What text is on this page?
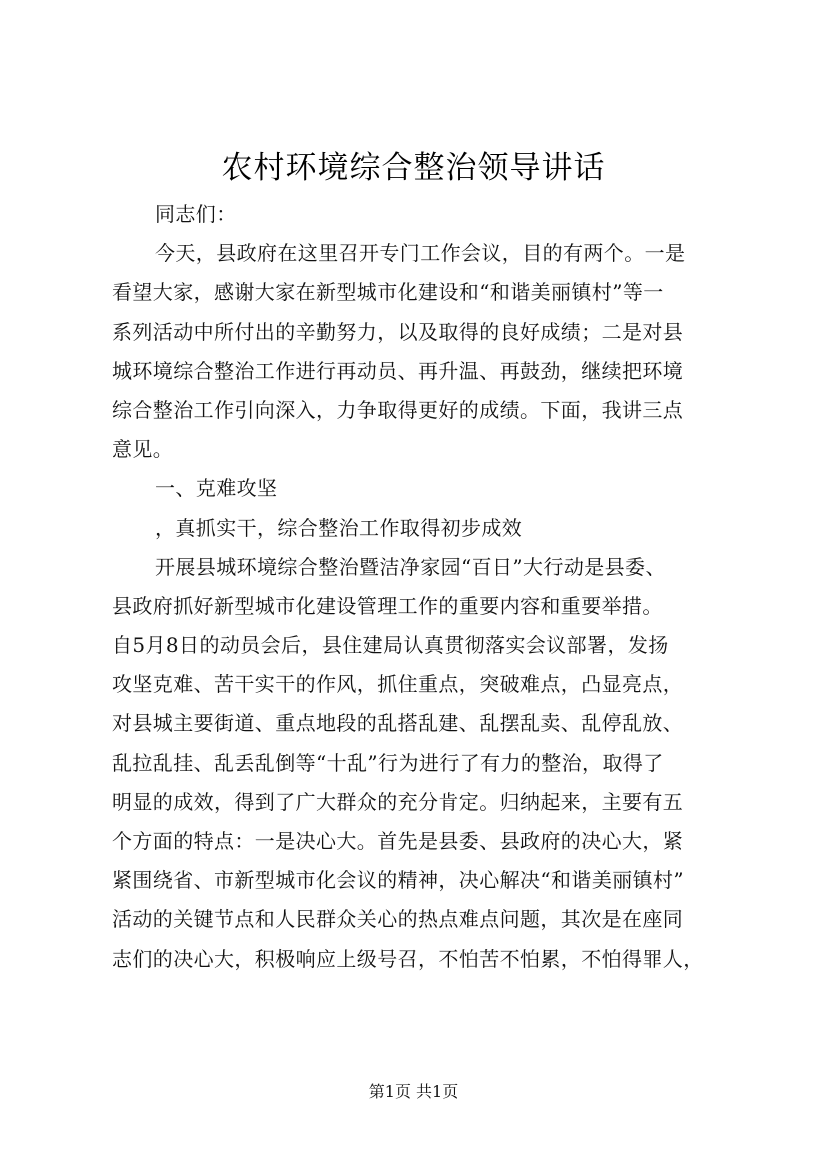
农村环境综合整治领导讲话
同志们：
今天，县政府在这里召开专门工作会议，目的有两个。一是
看望大家，感谢大家在新型城市化建设和“和谐美丽镇村”等一
系列活动中所付出的辛勤努力，以及取得的良好成绩；二是对县
城环境综合整治工作进行再动员、再升温、再鼓劲，继续把环境
综合整治工作引向深入，力争取得更好的成绩。下面，我讲三点
意见。
一、克难攻坚
，真抓实干，综合整治工作取得初步成效
开展县城环境综合整治暨洁净家园“百日”大行动是县委、
县政府抓好新型城市化建设管理工作的重要内容和重要举措。
自5月8日的动员会后，县住建局认真贯彻落实会议部署，发扬
攻坚克难、苦干实干的作风，抓住重点，突破难点，凸显亮点，
对县城主要街道、重点地段的乱搭乱建、乱摆乱卖、乱停乱放、
乱拉乱挂、乱丢乱倒等“十乱”行为进行了有力的整治，取得了
明显的成效，得到了广大群众的充分肯定。归纳起来，主要有五
个方面的特点：一是决心大。首先是县委、县政府的决心大，紧
紧围绕省、市新型城市化会议的精神，决心解决“和谐美丽镇村”
活动的关键节点和人民群众关心的热点难点问题，其次是在座同
志们的决心大，积极响应上级号召，不怕苦不怕累，不怕得罪人，
第1页 共1页
